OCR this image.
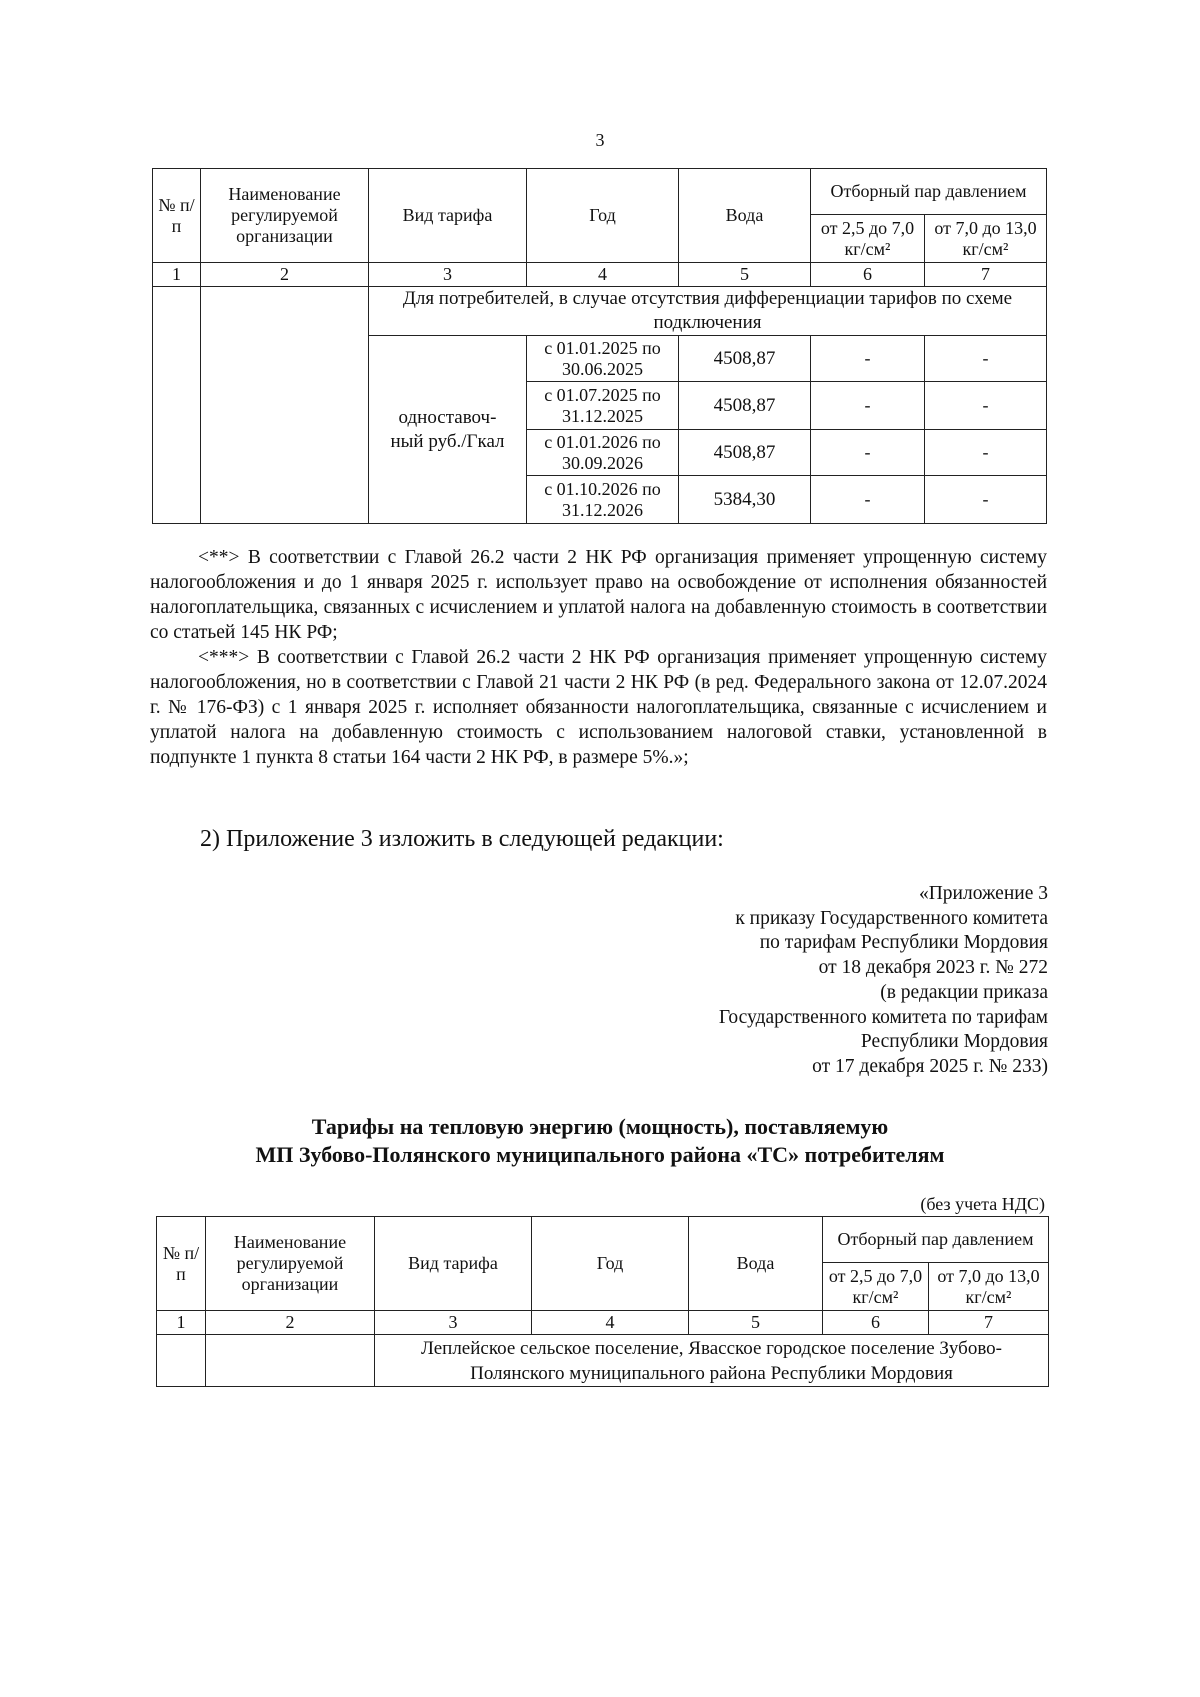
3
№ п/п	Наименование регулируемой организации	Вид тарифа	Год	Вода	Отборный пар давлением	
					от 2,5 до 7,0 кг/см²	от 7,0 до 13,0 кг/см²
1	2	3	4	5	6	7
		Для потребителей, в случае отсутствия дифференциации тарифов по схеме подключения				
		одноставоч-ный руб./Гкал	с 01.01.2025 по 30.06.2025	4508,87	-	-
			с 01.07.2025 по 31.12.2025	4508,87	-	-
			с 01.01.2026 по 30.09.2026	4508,87	-	-
			с 01.10.2026 по 31.12.2026	5384,30	-	-

<**> В соответствии с Главой 26.2 части 2 НК РФ организация применяет упрощенную систему налогообложения и до 1 января 2025 г. использует право на освобождение от исполнения обязанностей налогоплательщика, связанных с исчислением и уплатой налога на добавленную стоимость в соответствии со статьей 145 НК РФ;

<***> В соответствии с Главой 26.2 части 2 НК РФ организация применяет упрощенную систему налогообложения, но в соответствии с Главой 21 части 2 НК РФ (в ред. Федерального закона от 12.07.2024 г. № 176-ФЗ) с 1 января 2025 г. исполняет обязанности налогоплательщика, связанные с исчислением и уплатой налога на добавленную стоимость с использованием налоговой ставки, установленной в подпункте 1 пункта 8 статьи 164 части 2 НК РФ, в размере 5%.»;

2) Приложение 3 изложить в следующей редакции:
«Приложение 3
к приказу Государственного комитета
по тарифам Республики Мордовия
от 18 декабря 2023 г. № 272
(в редакции приказа
Государственного комитета по тарифам
Республики Мордовия
от 17 декабря 2025 г. № 233)
Тарифы на тепловую энергию (мощность), поставляемую
МП Зубово-Полянского муниципального района «ТС» потребителям
(без учета НДС)
№ п/п	Наименование регулируемой организации	Вид тарифа	Год	Вода	Отборный пар давлением	
					от 2,5 до 7,0 кг/см²	от 7,0 до 13,0 кг/см²
1	2	3	4	5	6	7
		Леплейское сельское поселение, Явасское городское поселение Зубово-Полянского муниципального района Республики Мордовия				
